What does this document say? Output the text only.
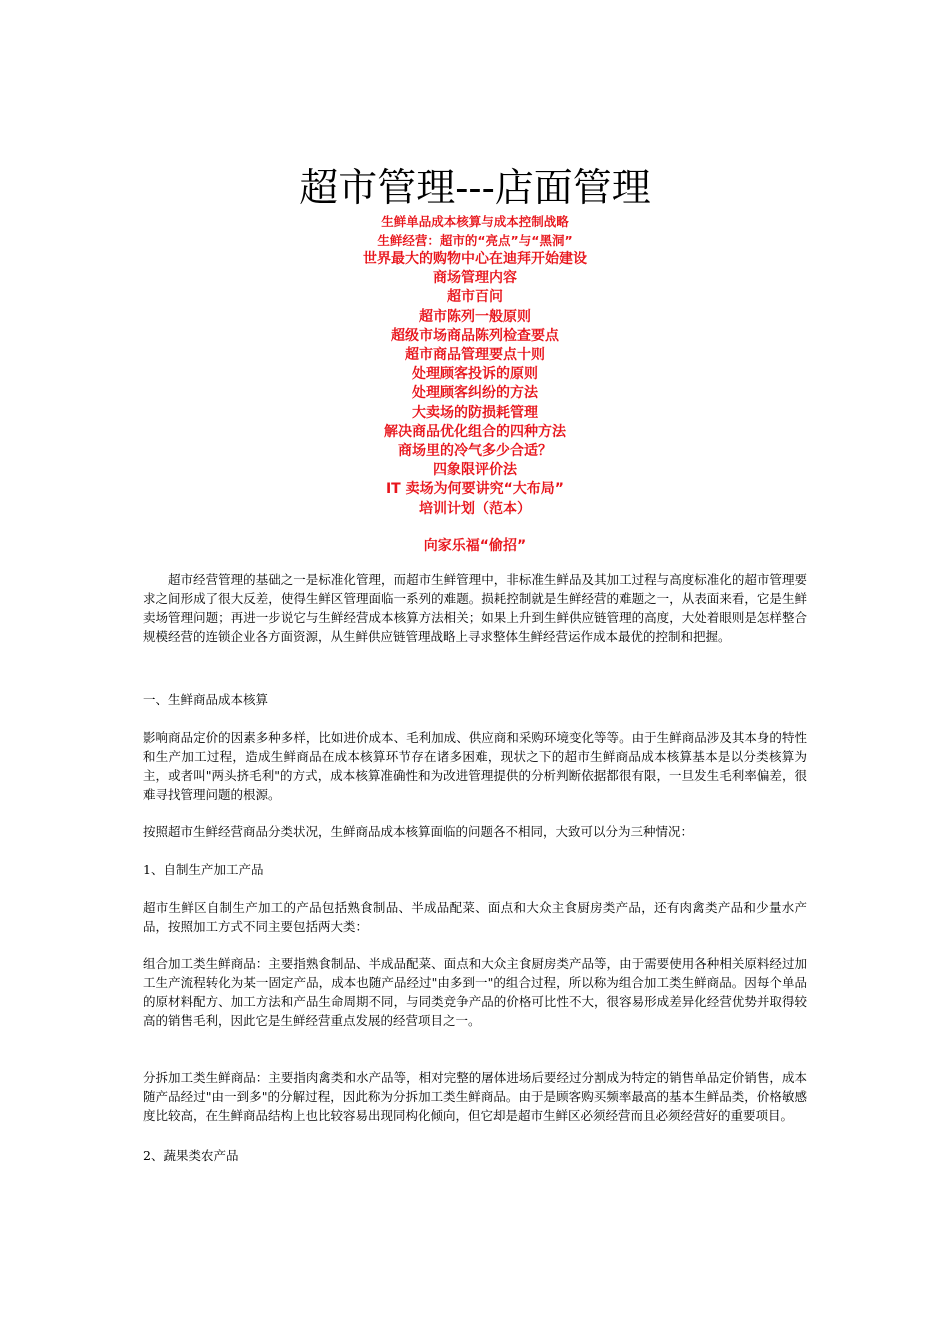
超市管理---店面管理
生鲜单品成本核算与成本控制战略
生鲜经营：超市的“亮点”与“黑洞”
世界最大的购物中心在迪拜开始建设
商场管理内容
超市百问
超市陈列一般原则
超级市场商品陈列检查要点
超市商品管理要点十则
处理顾客投诉的原则
处理顾客纠纷的方法
大卖场的防损耗管理
解决商品优化组合的四种方法
商场里的冷气多少合适？
四象限评价法
IT 卖场为何要讲究“大布局”
培训计划（范本）
向家乐福“偷招”

超市经营管理的基础之一是标准化管理，而超市生鲜管理中，非标准生鲜品及其加工过程与高度标准化的超市管理要求之间形成了很大反差，使得生鲜区管理面临一系列的难题。损耗控制就是生鲜经营的难题之一，从表面来看，它是生鲜卖场管理问题；再进一步说它与生鲜经营成本核算方法相关；如果上升到生鲜供应链管理的高度，大处着眼则是怎样整合规模经营的连锁企业各方面资源，从生鲜供应链管理战略上寻求整体生鲜经营运作成本最优的控制和把握。

一、生鲜商品成本核算

影响商品定价的因素多种多样，比如进价成本、毛利加成、供应商和采购环境变化等等。由于生鲜商品涉及其本身的特性和生产加工过程，造成生鲜商品在成本核算环节存在诸多困难，现状之下的超市生鲜商品成本核算基本是以分类核算为主，或者叫"两头挤毛利"的方式，成本核算准确性和为改进管理提供的分析判断依据都很有限，一旦发生毛利率偏差，很难寻找管理问题的根源。

按照超市生鲜经营商品分类状况，生鲜商品成本核算面临的问题各不相同，大致可以分为三种情况：

1、自制生产加工产品

超市生鲜区自制生产加工的产品包括熟食制品、半成品配菜、面点和大众主食厨房类产品，还有肉禽类产品和少量水产品，按照加工方式不同主要包括两大类：

组合加工类生鲜商品：主要指熟食制品、半成品配菜、面点和大众主食厨房类产品等，由于需要使用各种相关原料经过加工生产流程转化为某一固定产品，成本也随产品经过"由多到一"的组合过程，所以称为组合加工类生鲜商品。因每个单品的原材料配方、加工方法和产品生命周期不同，与同类竞争产品的价格可比性不大，很容易形成差异化经营优势并取得较高的销售毛利，因此它是生鲜经营重点发展的经营项目之一。

分拆加工类生鲜商品：主要指肉禽类和水产品等，相对完整的屠体进场后要经过分割成为特定的销售单品定价销售，成本随产品经过"由一到多"的分解过程，因此称为分拆加工类生鲜商品。由于是顾客购买频率最高的基本生鲜品类，价格敏感度比较高，在生鲜商品结构上也比较容易出现同构化倾向，但它却是超市生鲜区必须经营而且必须经营好的重要项目。

2、蔬果类农产品
